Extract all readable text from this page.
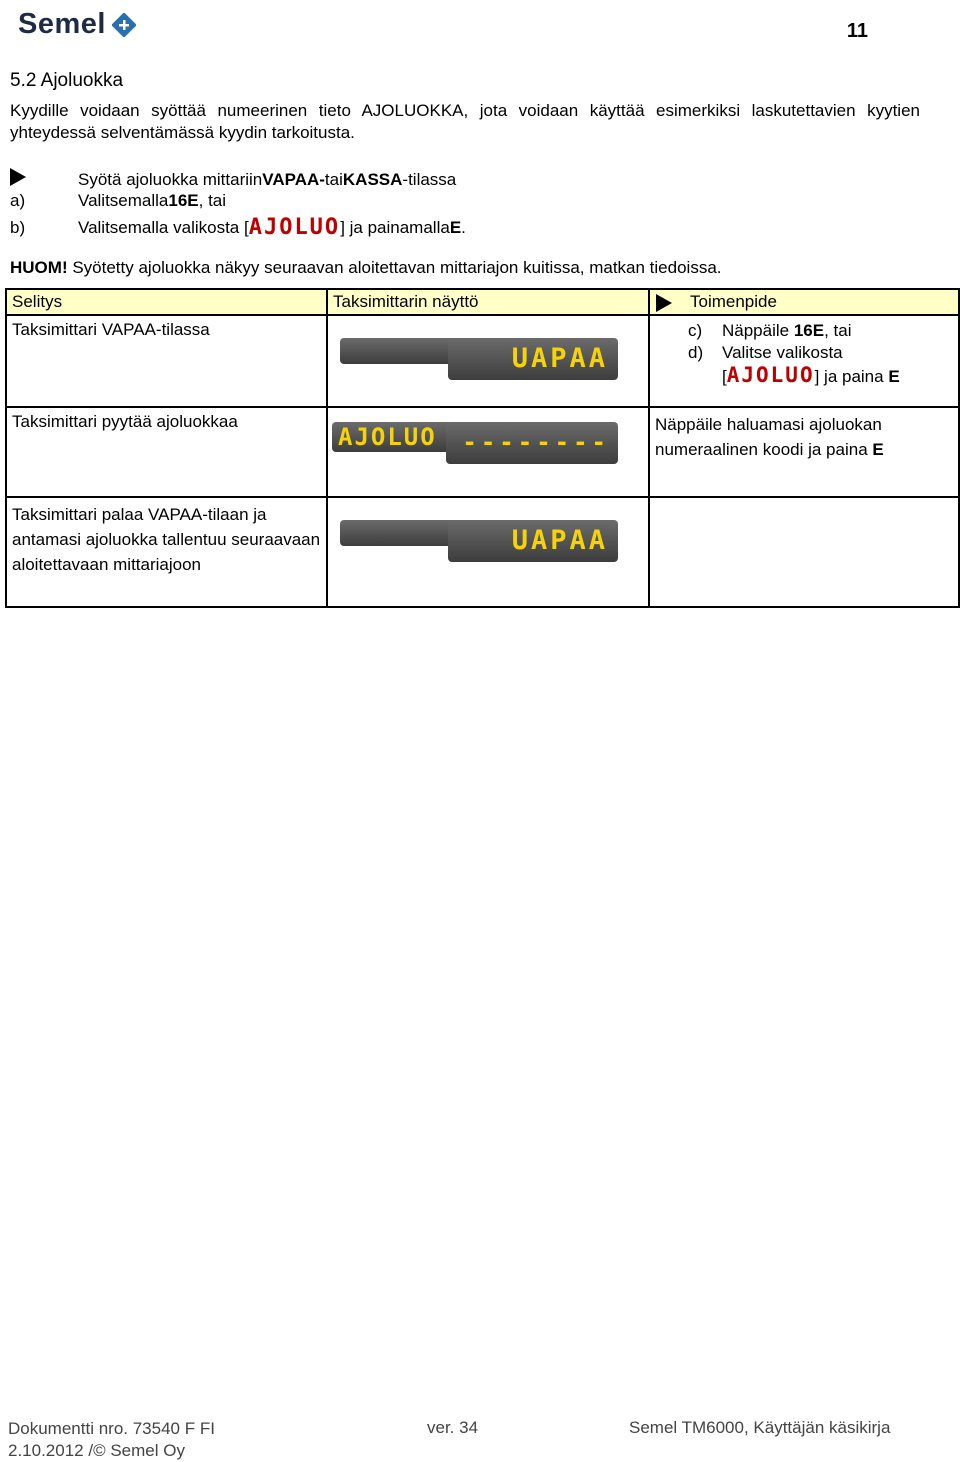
Semel	11
5.2 Ajoluokka
Kyydille voidaan syöttää numeerinen tieto AJOLUOKKA, jota voidaan käyttää esimerkiksi laskutettavien kyytien yhteydessä selventämässä kyydin tarkoitusta.
Syötä ajoluokka mittariin VAPAA- tai KASSA -tilassa
a)	Valitsemalla 16E , tai
b)	Valitsemalla valikosta [ AJOLUO ] ja painamalla E .
HUOM! Syötetty ajoluokka näkyy seuraavan aloitettavan mittariajon kuitissa, matkan tiedoissa.
Selitys	Taksimittarin näyttö	Toimenpide
Taksimittari VAPAA-tilassa	UAPAA	c) Näppäile 16E, tai
d) Valitse valikosta
[AJOLUO] ja paina E

Taksimittari pyytää ajoluokkaa	AJOLUO --------	Näppäile haluamasi ajoluokan numeraalinen koodi ja paina E
Taksimittari palaa VAPAA-tilaan ja antamasi ajoluokka tallentuu seuraavaan aloitettavaan mittariajoon	UAPAA	

Dokumentti nro. 73540 F FI
2.10.2012 /© Semel Oy
ver. 34	Semel TM6000, Käyttäjän käsikirja
